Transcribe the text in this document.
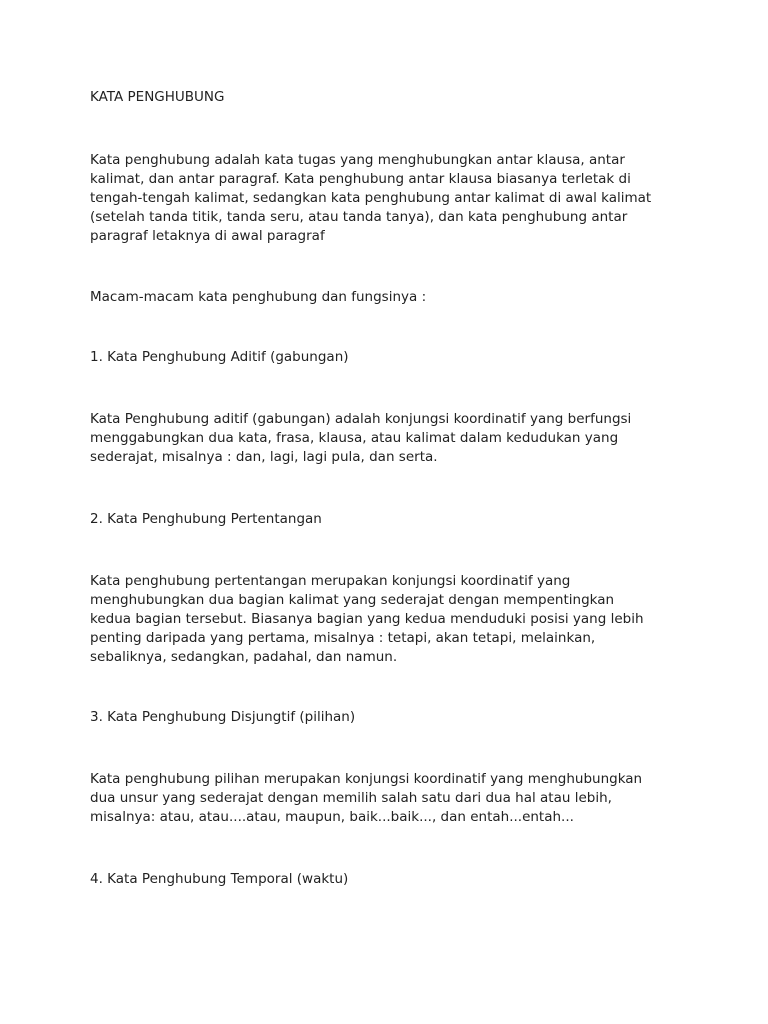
KATA PENGHUBUNG

Kata penghubung adalah kata tugas yang menghubungkan antar klausa, antar
kalimat, dan antar paragraf. Kata penghubung antar klausa biasanya terletak di
tengah-tengah kalimat, sedangkan kata penghubung antar kalimat di awal kalimat
(setelah tanda titik, tanda seru, atau tanda tanya), dan kata penghubung antar
paragraf letaknya di awal paragraf

Macam-macam kata penghubung dan fungsinya :

1. Kata Penghubung Aditif (gabungan)

Kata Penghubung aditif (gabungan) adalah konjungsi koordinatif yang berfungsi
menggabungkan dua kata, frasa, klausa, atau kalimat dalam kedudukan yang
sederajat, misalnya : dan, lagi, lagi pula, dan serta.

2. Kata Penghubung Pertentangan

Kata penghubung pertentangan merupakan konjungsi koordinatif yang
menghubungkan dua bagian kalimat yang sederajat dengan mempentingkan
kedua bagian tersebut. Biasanya bagian yang kedua menduduki posisi yang lebih
penting daripada yang pertama, misalnya : tetapi, akan tetapi, melainkan,
sebaliknya, sedangkan, padahal, dan namun.

3. Kata Penghubung Disjungtif (pilihan)

Kata penghubung pilihan merupakan konjungsi koordinatif yang menghubungkan
dua unsur yang sederajat dengan memilih salah satu dari dua hal atau lebih,
misalnya: atau, atau....atau, maupun, baik...baik..., dan entah...entah...

4. Kata Penghubung Temporal (waktu)
